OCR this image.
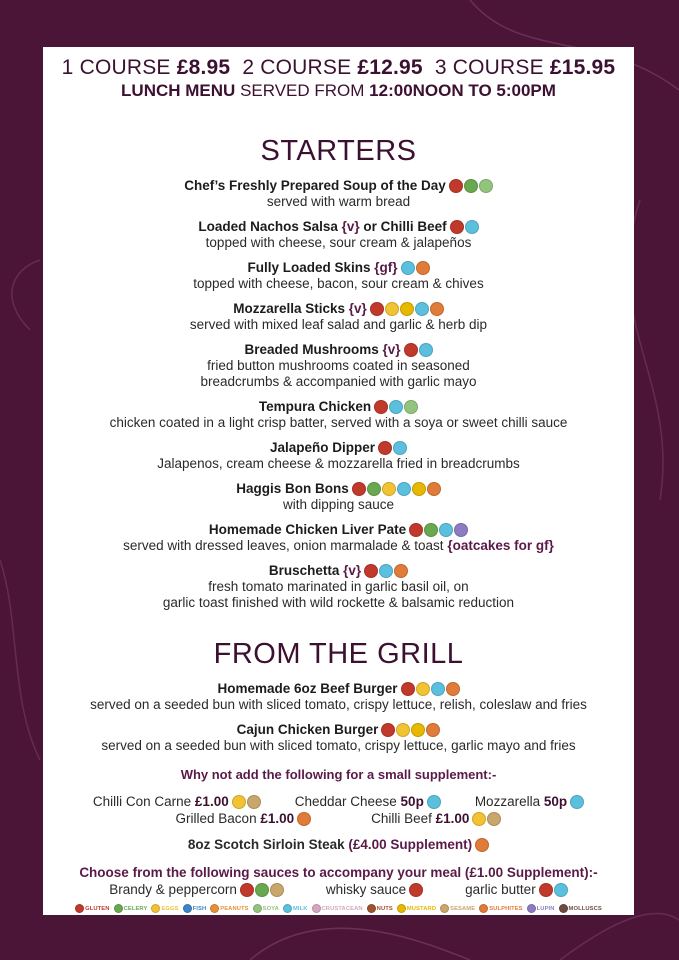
1 COURSE £8.95 2 COURSE £12.95 3 COURSE £15.95
LUNCH MENU SERVED FROM 12:00NOON TO 5:00PM
STARTERS
Chef’s Freshly Prepared Soup of the Day
served with warm bread
Loaded Nachos Salsa {v} or Chilli Beef
topped with cheese, sour cream & jalapeños
Fully Loaded Skins {gf}
topped with cheese, bacon, sour cream & chives
Mozzarella Sticks {v}
served with mixed leaf salad and garlic & herb dip
Breaded Mushrooms {v}
fried button mushrooms coated in seasoned
breadcrumbs & accompanied with garlic mayo
Tempura Chicken
chicken coated in a light crisp batter, served with a soya or sweet chilli sauce
Jalapeño Dipper
Jalapenos, cream cheese & mozzarella fried in breadcrumbs
Haggis Bon Bons
with dipping sauce
Homemade Chicken Liver Pate
served with dressed leaves, onion marmalade & toast {oatcakes for gf}
Bruschetta {v}
fresh tomato marinated in garlic basil oil, on
garlic toast finished with wild rockette & balsamic reduction
FROM THE GRILL
Homemade 6oz Beef Burger
served on a seeded bun with sliced tomato, crispy lettuce, relish, coleslaw and fries
Cajun Chicken Burger
served on a seeded bun with sliced tomato, crispy lettuce, garlic mayo and fries
Why not add the following for a small supplement:-
Chilli Con Carne £1.00	Cheddar Cheese 50p	Mozzarella 50p
Grilled Bacon £1.00	Chilli Beef £1.00
8oz Scotch Sirloin Steak (£4.00 Supplement)
Choose from the following sauces to accompany your meal (£1.00 Supplement):-
Brandy & peppercorn	whisky sauce	garlic butter
GLUTEN CELERY EGGS FISH PEANUTS SOYA MILK CRUSTACEAN NUTS MUSTARD SESAME SULPHITES LUPIN MOLLUSCS
